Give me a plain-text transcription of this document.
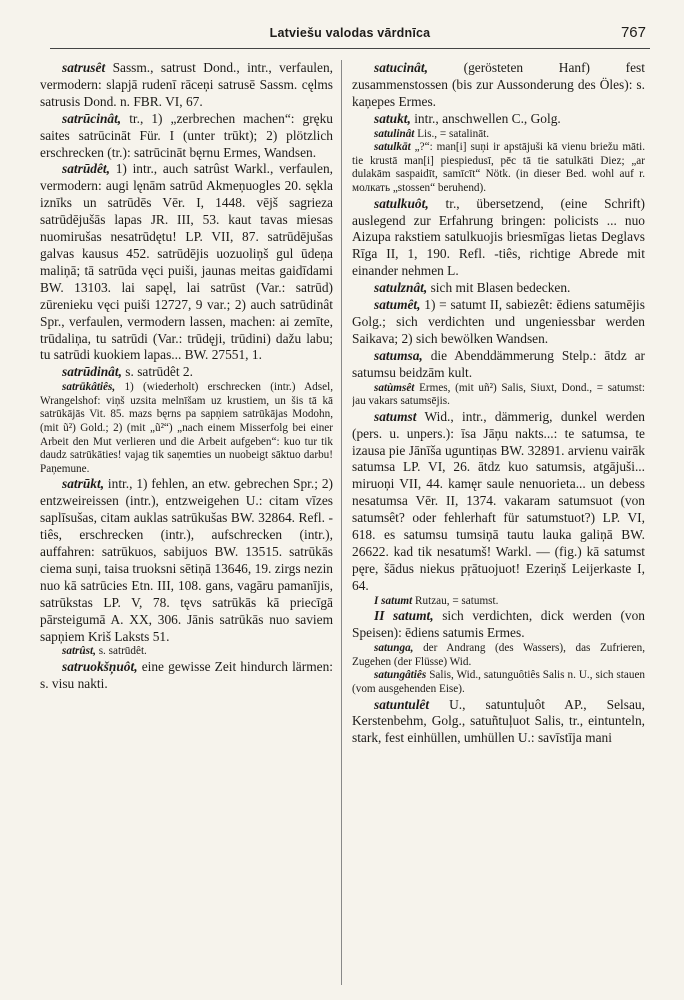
Latviešu valodas vārdnīca	767

satrusêt Sassm., satrust Dond., intr., verfaulen, vermodern: slapjā rudenī rāceņi satrusē Sassm. cęlms satrusis Dond. n. FBR. VI, 67.

satrūcinât, tr., 1) „zerbrechen machen“: gręku saites satrūcināt Für. I (unter trūkt); 2) plötzlich erschrecken (tr.): satrūcināt bęrnu Ermes, Wandsen.

satrūdêt, 1) intr., auch satrûst Warkl., verfaulen, vermodern: augi lęnām satrūd Akmeņuogles 20. sękla iznīks un satrūdēs Vēr. I, 1448. vējš sagrieza satrūdējušās lapas JR. III, 53. kaut tavas miesas nuomirušas nesatrūdętu! LP. VII, 87. satrūdējušas galvas kausus 452. satrūdējis uozuoliņš gul ūdeņa maliņā; tā satrūda vęci puiši, jaunas meitas gaidīdami BW. 13103. lai sapęl, lai satrūst (Var.: satrūd) zūrenieku vęci puiši 12727, 9 var.; 2) auch satrūdinât Spr., verfaulen, vermodern lassen, machen: ai zemīte, trūdaliņa, tu satrūdi (Var.: trūdęji, trūdini) dažu labu; tu satrūdi kuokiem lapas... BW. 27551, 1.

satrūdinât, s. satrūdêt 2.

satrūkâtiês, 1) (wiederholt) erschrecken (intr.) Adsel, Wrangelshof: viņš uzsita melnīšam uz krustiem, un šis tā kā satrūkājās Vit. 85. mazs bęrns pa sapņiem satrūkājas Modohn, (mit ũ²) Gold.; 2) (mit „ũ²“) „nach einem Misserfolg bei einer Arbeit den Mut verlieren und die Arbeit aufgeben“: kuo tur tik daudz satrūkāties! vajag tik saņemties un nuobeigt sāktuo darbu! Paņemune.

satrūkt, intr., 1) fehlen, an etw. gebrechen Spr.; 2) entzweireissen (intr.), entzweigehen U.: citam vīzes saplīsušas, citam auklas satrūkušas BW. 32864. Refl. -tiês, erschrecken (intr.), aufschrecken (intr.), auffahren: satrūkuos, sabijuos BW. 13515. satrūkās ciema suņi, taisa truoksni sētiņā 13646, 19. zirgs nezin nuo kā satrūcies Etn. III, 108. gans, vagāru pamanījis, satrūkstas LP. V, 78. tęvs satrūkās kā priecīgā pārsteigumā A. XX, 306. Jānis satrūkās nuo saviem sapņiem Kriš Laksts 51.

satrûst, s. satrūdêt.

satruokšņuôt, eine gewisse Zeit hindurch lärmen: s. visu nakti.

satucinât,	(gerösteten Hanf) fest zusammenstossen (bis zur Aussonderung des Öles): s. kaņepes Ermes.

satukt, intr., anschwellen C., Golg.

satulinât Lis., = satalināt.

satulkāt „?“: man[i] suņi ir apstājuši kā vienu briežu māti. tie krustā man[i] piespiedusī, pēc tā tie satulkāti Diez; „ar dulakām saspaidīt, samīcīt“ Nötk. (in dieser Bed. wohl auf r. молкать „stossen“ beruhend).

satulkuôt, tr., übersetzend, (eine Schrift) auslegend zur Erfahrung bringen: policists ... nuo Aizupa rakstiem satulkuojis briesmīgas lietas Deglavs Rīga II, 1, 190. Refl. -tiês, richtige Abrede mit einander nehmen L.

satulznât, sich mit Blasen bedecken.

satumêt, 1) = satumt II, sabiezêt: ēdiens satumējis Golg.; sich verdichten und ungeniessbar werden Saikava; 2) sich bewölken Wandsen.

satumsa, die Abenddämmerung Stelp.: ātdz ar satumsu beidzām kult.

satùmsêt Ermes, (mit uñ²) Salis, Siuxt, Dond., = satumst: jau vakars satumsējis.

satumst Wid., intr., dämmerig, dunkel werden (pers. u. unpers.): īsa Jāņu nakts...: te satumsa, te izausa pie Jānīša uguntiņas BW. 32891. arvienu vairāk satumsa LP. VI, 26. ātdz kuo satumsis, atgājuši... miruoņi VII, 44. kamęr saule nenuorieta... un debess nesatumsa Vēr. II, 1374. vakaram satumsuot (von satumsêt? oder fehlerhaft für satumstuot?) LP. VI, 618. es satumsu tumsiņā tautu lauka galiņā BW. 26622. kad tik nesatumš! Warkl. — (fig.) kā satumst pęre, šādus niekus pŗātuojuot! Ezeriņš Leijerkaste I, 64.

I satumt Rutzau, = satumst.

II satumt, sich verdichten, dick werden (von Speisen): ēdiens satumis Ermes.

satunga, der Andrang (des Wassers), das Zufrieren, Zugehen (der Flüsse) Wid.

satungâtiês Salis, Wid., satunguôtiês Salis n. U., sich stauen (vom ausgehenden Eise).

satuntulêt U., satuntuļuôt AP., Selsau, Kerstenbehm, Golg., satuñtuļuot Salis, tr., eintunteln, stark, fest einhüllen, umhüllen U.: savīstīja mani
